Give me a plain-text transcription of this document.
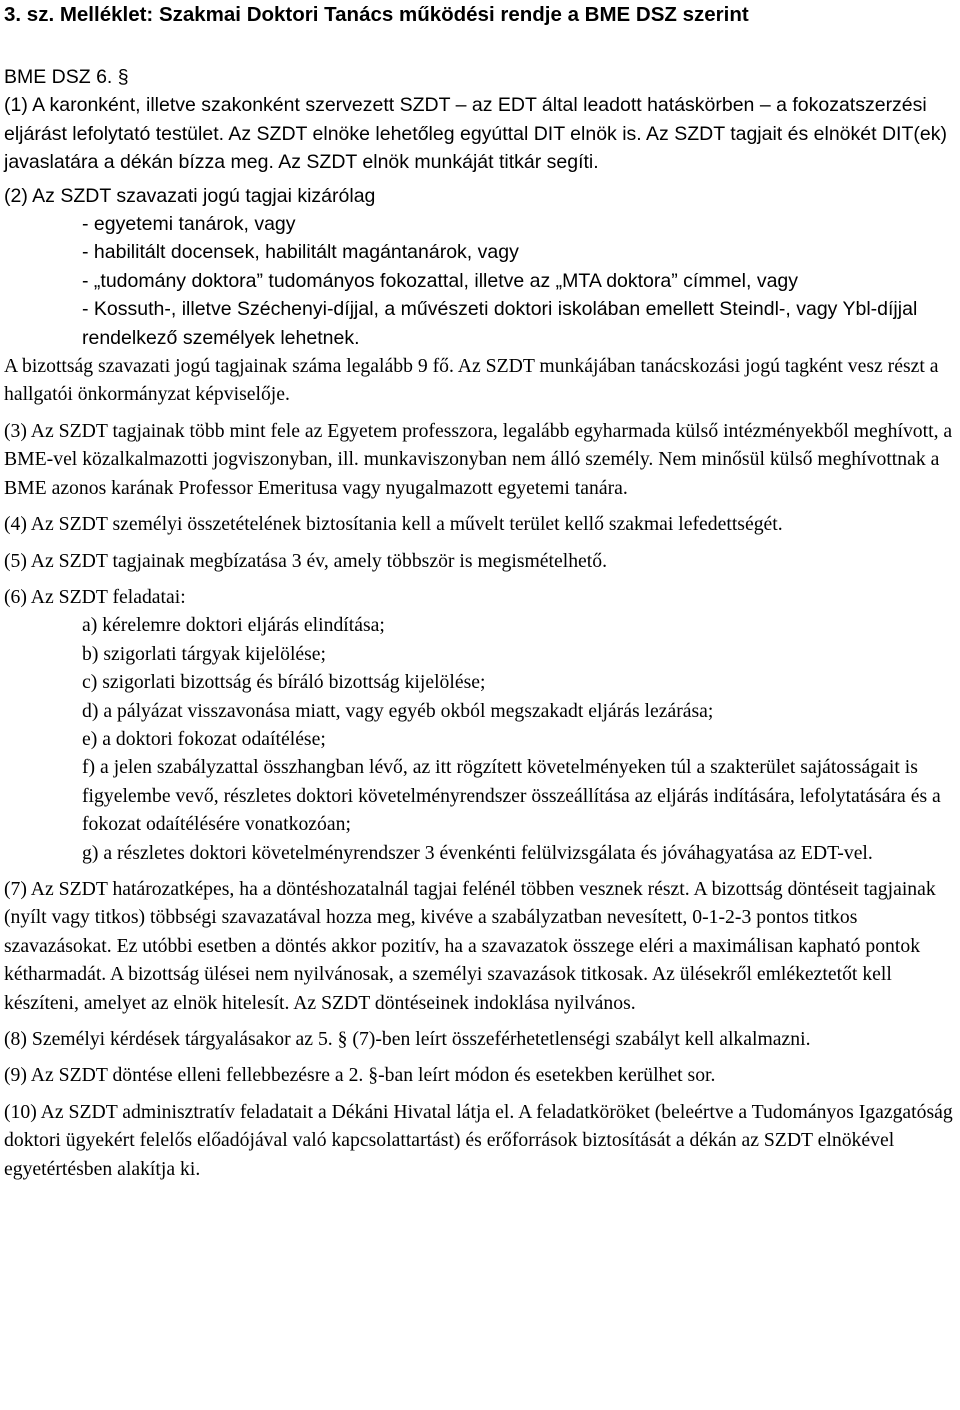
3. sz. Melléklet: Szakmai Doktori Tanács működési rendje a BME DSZ szerint

BME DSZ 6. §

(1) A karonként, illetve szakonként szervezett SZDT – az EDT által leadott hatáskörben – a fokozatszerzési eljárást lefolytató testület. Az SZDT elnöke lehetőleg egyúttal DIT elnök is. Az SZDT tagjait és elnökét DIT(ek) javaslatára a dékán bízza meg. Az SZDT elnök munkáját titkár segíti.

(2) Az SZDT szavazati jogú tagjai kizárólag

- egyetemi tanárok, vagy
- habilitált docensek, habilitált magántanárok, vagy
- „tudomány doktora” tudományos fokozattal, illetve az „MTA doktora” címmel, vagy
- Kossuth-, illetve Széchenyi-díjjal, a művészeti doktori iskolában emellett Steindl-, vagy Ybl-díjjal rendelkező személyek lehetnek.

A bizottság szavazati jogú tagjainak száma legalább 9 fő. Az SZDT munkájában tanácskozási jogú tagként vesz részt a hallgatói önkormányzat képviselője.

(3) Az SZDT tagjainak több mint fele az Egyetem professzora, legalább egyharmada külső intézményekből meghívott, a BME-vel közalkalmazotti jogviszonyban, ill. munkaviszonyban nem álló személy. Nem minősül külső meghívottnak a BME azonos karának Professor Emeritusa vagy nyugalmazott egyetemi tanára.

(4) Az SZDT személyi összetételének biztosítania kell a művelt terület kellő szakmai lefedettségét.

(5) Az SZDT tagjainak megbízatása 3 év, amely többször is megismételhető.

(6) Az SZDT feladatai:

a) kérelemre doktori eljárás elindítása;
b) szigorlati tárgyak kijelölése;
c) szigorlati bizottság és bíráló bizottság kijelölése;
d) a pályázat visszavonása miatt, vagy egyéb okból megszakadt eljárás lezárása;
e) a doktori fokozat odaítélése;
f) a jelen szabályzattal összhangban lévő, az itt rögzített követelményeken túl a szakterület sajátosságait is figyelembe vevő, részletes doktori követelményrendszer összeállítása az eljárás indítására, lefolytatására és a fokozat odaítélésére vonatkozóan;
g) a részletes doktori követelményrendszer 3 évenkénti felülvizsgálata és jóváhagyatása az EDT-vel.

(7) Az SZDT határozatképes, ha a döntéshozatalnál tagjai felénél többen vesznek részt. A bizottság döntéseit tagjainak (nyílt vagy titkos) többségi szavazatával hozza meg, kivéve a szabályzatban nevesített, 0-1-2-3 pontos titkos szavazásokat. Ez utóbbi esetben a döntés akkor pozitív, ha a szavazatok összege eléri a maximálisan kapható pontok kétharmadát. A bizottság ülései nem nyilvánosak, a személyi szavazások titkosak. Az ülésekről emlékeztetőt kell készíteni, amelyet az elnök hitelesít. Az SZDT döntéseinek indoklása nyilvános.

(8) Személyi kérdések tárgyalásakor az 5. § (7)-ben leírt összeférhetetlenségi szabályt kell alkalmazni.

(9) Az SZDT döntése elleni fellebbezésre a 2. §-ban leírt módon és esetekben kerülhet sor.

(10) Az SZDT adminisztratív feladatait a Dékáni Hivatal látja el. A feladatköröket (beleértve a Tudományos Igazgatóság doktori ügyekért felelős előadójával való kapcsolattartást) és erőforrások biztosítását a dékán az SZDT elnökével egyetértésben alakítja ki.
